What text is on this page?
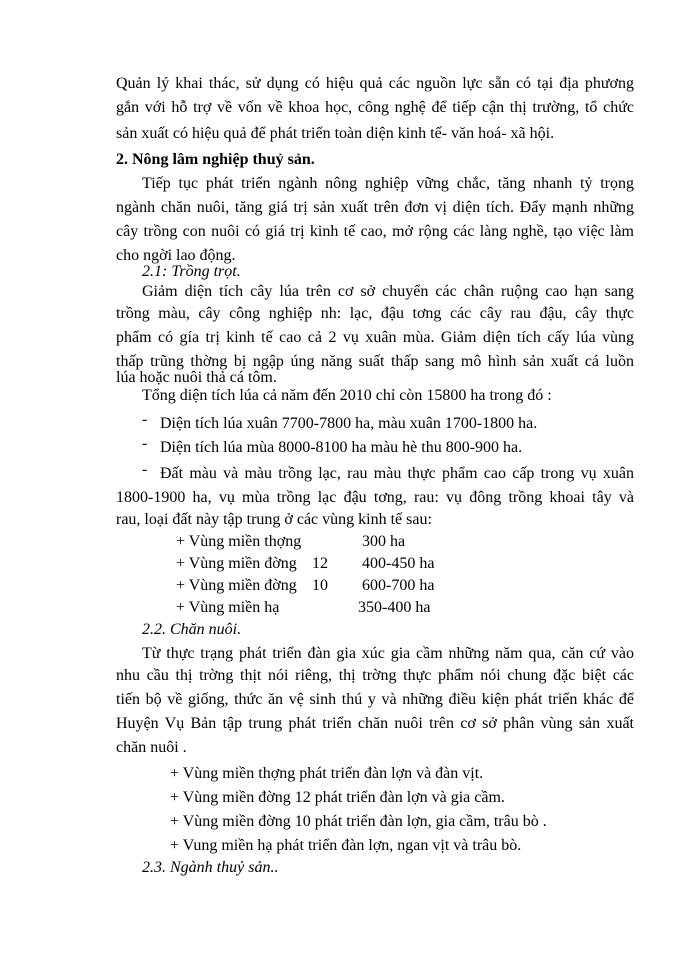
Quản lý khai thác, sử dụng có hiệu quả các nguồn lực sẵn có tại địa phương
gắn với hỗ trợ về vốn về khoa học, công nghệ để tiếp cận thị trường, tổ chức
sản xuất có hiệu quả để phát triển toàn diện kinh tế- văn hoá- xã hội.
2. Nông lâm nghiệp thuỷ sản.
Tiếp tục phát triển ngành nông nghiệp vững chắc, tăng nhanh tỷ trọng
ngành chăn nuôi, tăng giá trị sản xuất trên đơn vị diện tích. Đẩy mạnh những
cây trồng con nuôi có giá trị kinh tế cao, mở rộng các làng nghề, tạo việc làm
cho ngời lao động.
2.1: Trồng trọt.
Giảm diện tích cây lúa trên cơ sở chuyển các chân ruộng cao hạn sang
trồng màu, cây công nghiệp nh: lạc, đậu tơng các cây rau đậu, cây thực
phẩm có gía trị kinh tế cao cả 2 vụ xuân mùa. Giảm diện tích cấy lúa vùng
thấp trũng thờng bị ngập úng năng suất thấp sang mô hình sản xuất cá luồn
lúa hoặc nuôi thả cá tôm.
Tổng diện tích lúa cả năm đến 2010 chỉ còn 15800 ha trong đó :
- Diện tích lúa xuân 7700-7800 ha, màu xuân 1700-1800 ha.
- Diện tích lúa mùa 8000-8100 ha màu hè thu 800-900 ha.
- Đất màu và màu trồng lạc, rau màu thực phẩm cao cấp trong vụ xuân
1800-1900 ha, vụ mùa trồng lạc đậu tơng, rau: vụ đông trồng khoai tây và
rau, loại đất này tập trung ở các vùng kinh tế sau:
+ Vùng miền thợng	300 ha
+ Vùng miền đờng 12 400-450 ha
+ Vùng miền đờng 10 600-700 ha
+ Vùng miền hạ	350-400 ha
2.2. Chăn nuôi.
Từ thực trạng phát triển đàn gia xúc gia cầm những năm qua, căn cứ vào
nhu cầu thị trờng thịt nói riêng, thị trờng thực phẩm nói chung đặc biệt các
tiến bộ về giống, thức ăn vệ sinh thú y và những điều kiện phát triển khác để
Huyện Vụ Bản tập trung phát triển chăn nuôi trên cơ sở phân vùng sản xuất
chăn nuôi .
+ Vùng miền thợng phát triển đàn lợn và đàn vịt.
+ Vùng miền đờng 12 phát triển đàn lợn và gia cầm.
+ Vùng miền đờng 10 phát triển đàn lợn, gia cầm, trâu bò .
+ Vung miền hạ phát triển đàn lợn, ngan vịt và trâu bò.
2.3. Ngành thuỷ sản..
